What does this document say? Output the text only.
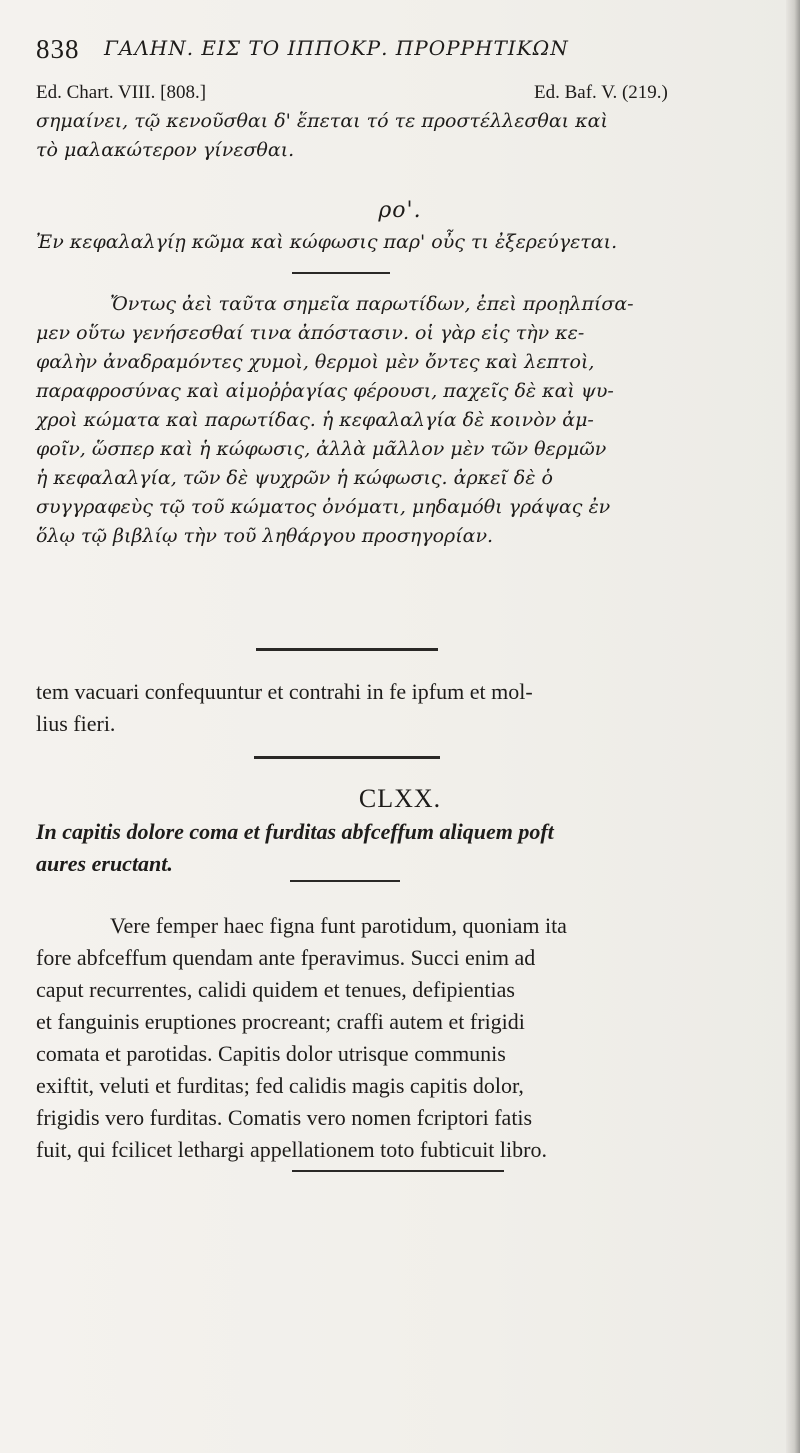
838 ΓΑΛΗΝ. ΕΙΣ ΤΟ ΙΠΠΟΚΡ. ΠΡΟΡΡΗΤΙΚΩΝ
Ed. Chart. VIII. [808.]	Ed. Baf. V. (219.)
σημαίνει, τῷ κενοῦσθαι δ' ἕπεται τό τε προστέλλεσθαι καὶ
τὸ μαλακώτερον γίνεσθαι.
ρο'.
Ἐν κεφαλαλγίῃ κῶμα καὶ κώφωσις παρ' οὖς τι ἐξερεύγεται.
Ὄντως ἀεὶ ταῦτα σημεῖα παρωτίδων, ἐπεὶ προῃλπίσα-
μεν οὕτω γενήσεσθαί τινα ἀπόστασιν. οἱ γὰρ εἰς τὴν κε-
φαλὴν ἀναδραμόντες χυμοὶ, θερμοὶ μὲν ὄντες καὶ λεπτοὶ,
παραφροσύνας καὶ αἱμοῤῥαγίας φέρουσι, παχεῖς δὲ καὶ ψυ-
χροὶ κώματα καὶ παρωτίδας. ἡ κεφαλαλγία δὲ κοινὸν ἀμ-
φοῖν, ὥσπερ καὶ ἡ κώφωσις, ἀλλὰ μᾶλλον μὲν τῶν θερμῶν
ἡ κεφαλαλγία, τῶν δὲ ψυχρῶν ἡ κώφωσις. ἀρκεῖ δὲ ὁ
συγγραφεὺς τῷ τοῦ κώματος ὀνόματι, μηδαμόθι γράψας ἐν
ὅλῳ τῷ βιβλίῳ τὴν τοῦ ληθάργου προσηγορίαν.
tem vacuari confequuntur et contrahi in fe ipfum et mol-
lius fieri.
CLXX.
In capitis dolore coma et furditas abfceffum aliquem poft
aures eructant.
Vere femper haec figna funt parotidum, quoniam ita
fore abfceffum quendam ante fperavimus. Succi enim ad
caput recurrentes, calidi quidem et tenues, defipientias
et fanguinis eruptiones procreant; craffi autem et frigidi
comata et parotidas. Capitis dolor utrisque communis
exiftit, veluti et furditas; fed calidis magis capitis dolor,
frigidis vero furditas. Comatis vero nomen fcriptori fatis
fuit, qui fcilicet lethargi appellationem toto fubticuit libro.
